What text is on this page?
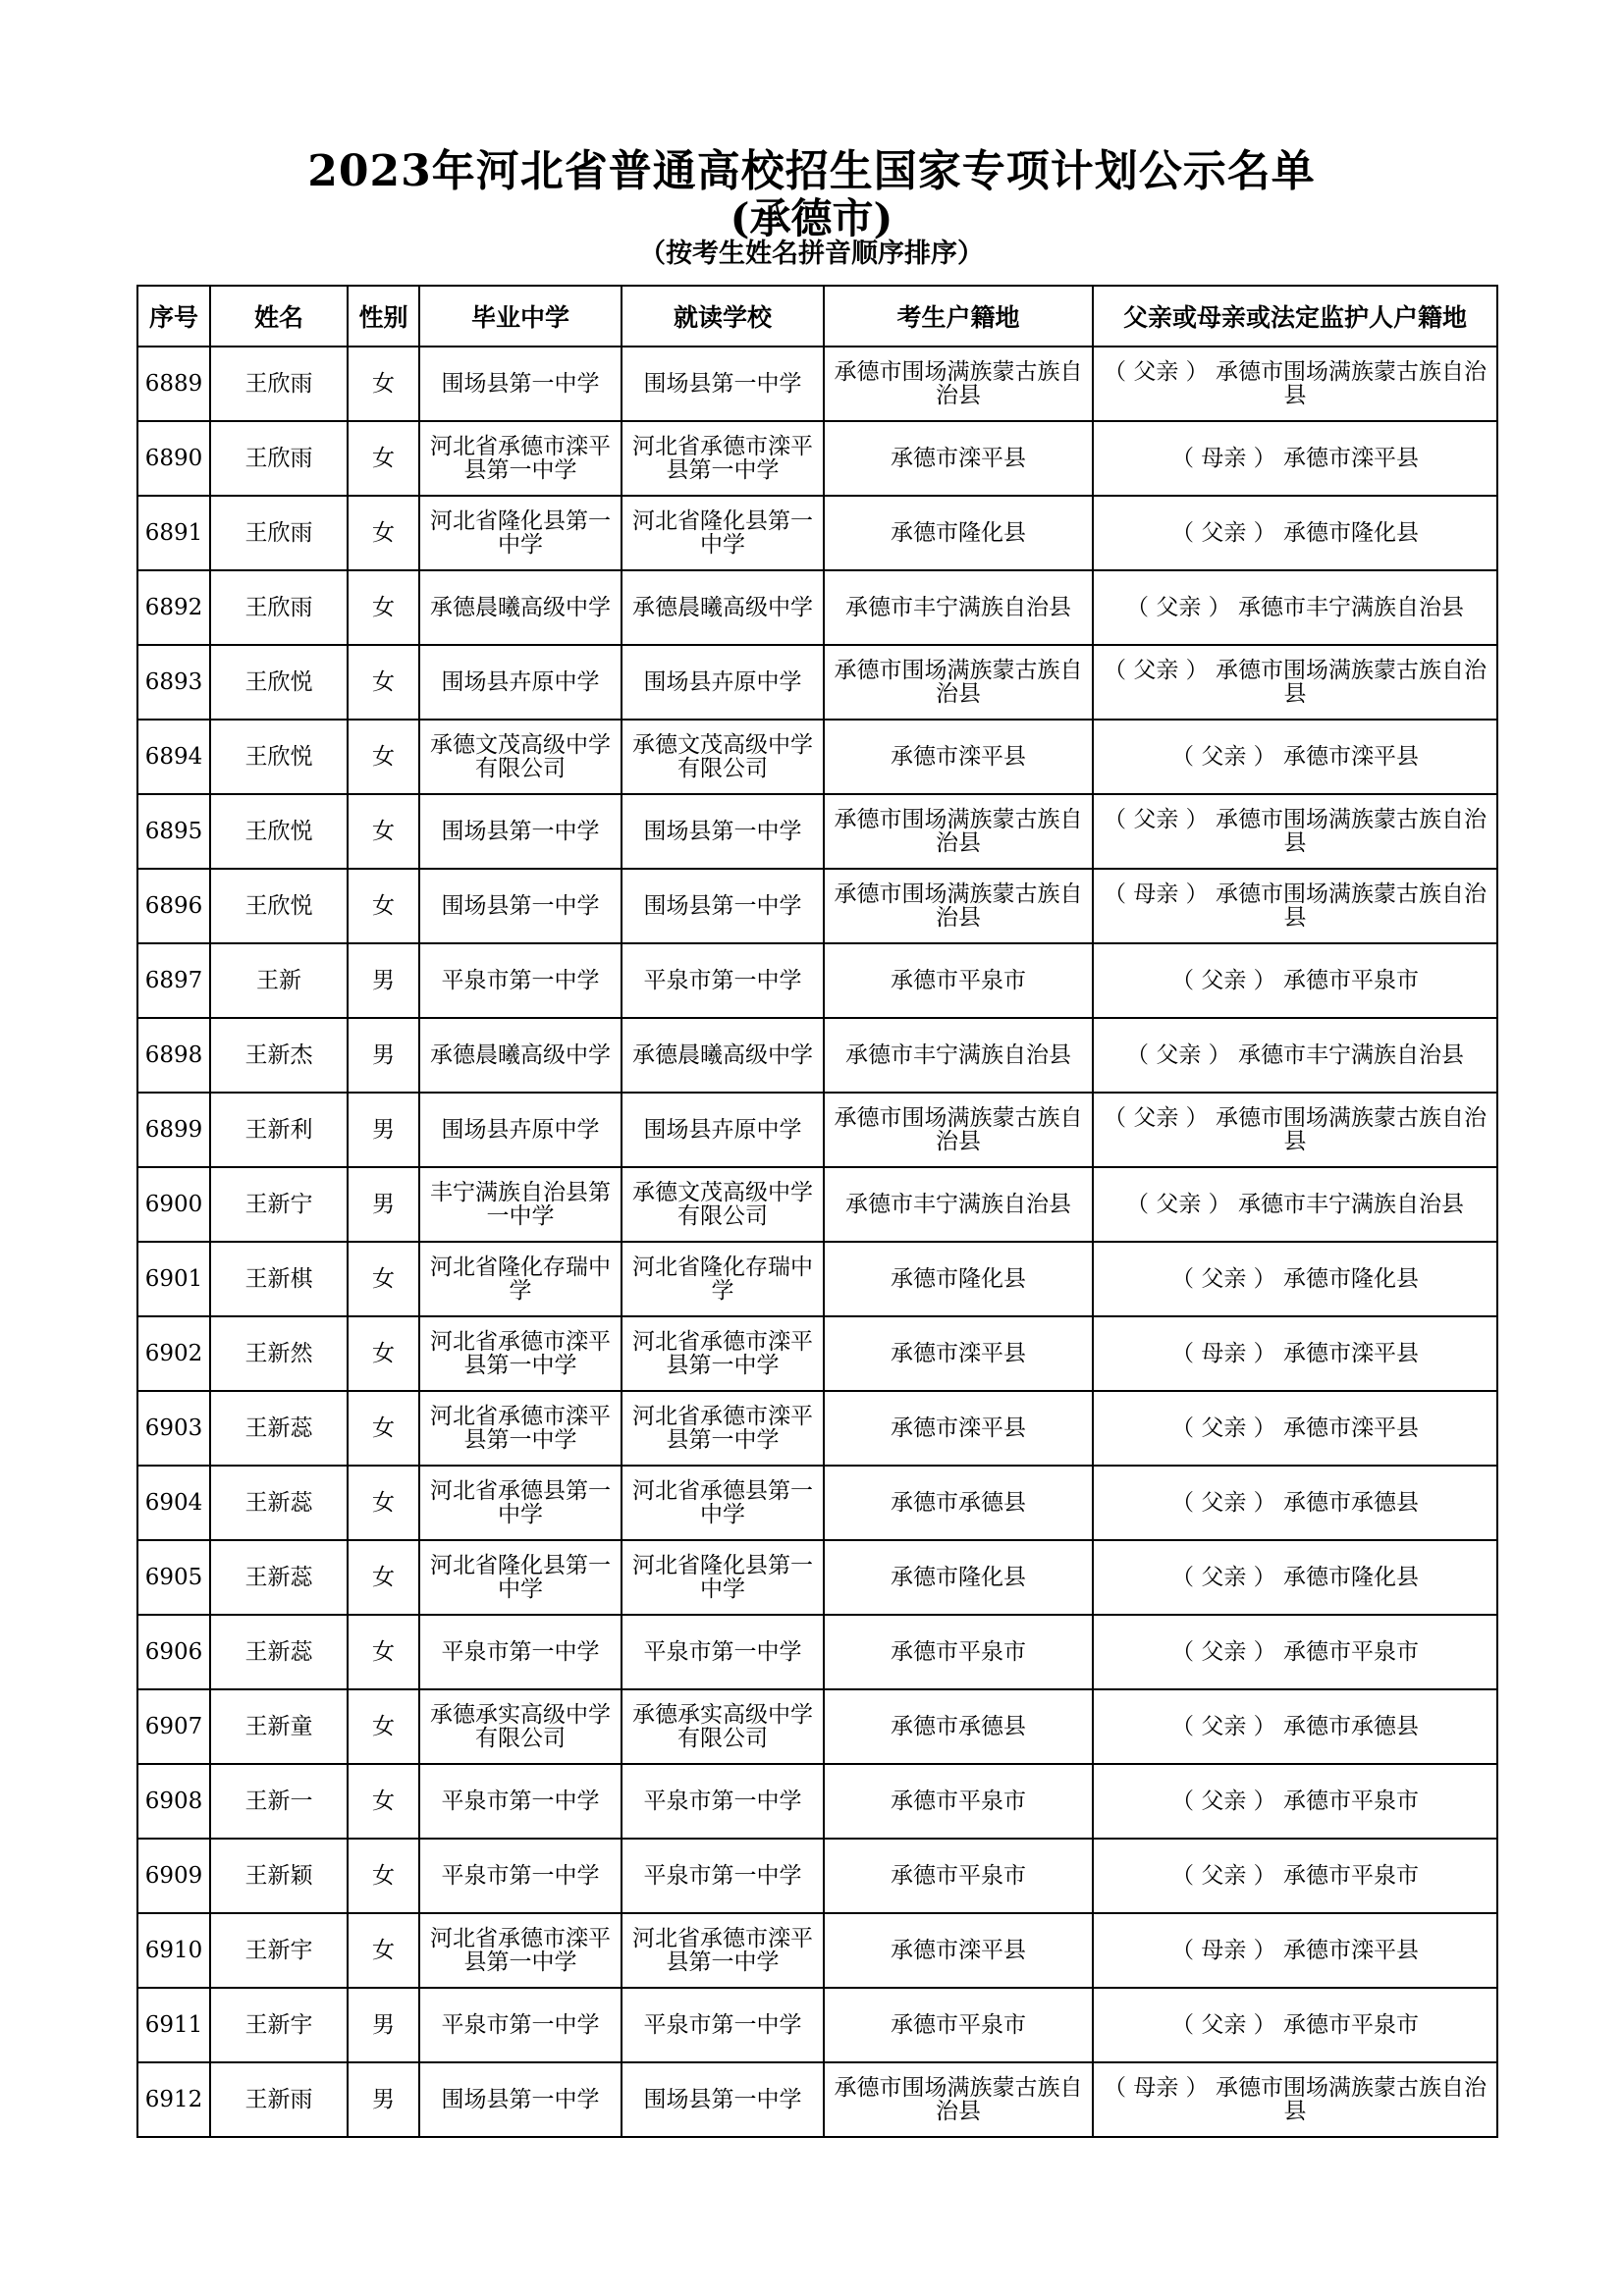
2023年河北省普通高校招生国家专项计划公示名单
(承德市)
（按考生姓名拼音顺序排序）
序号	姓名	性别	毕业中学	就读学校	考生户籍地	父亲或母亲或法定监护人户籍地
6889	王欣雨	女	围场县第一中学	围场县第一中学	承德市围场满族蒙古族自治县	（ 父亲 ） 承德市围场满族蒙古族自治县
6890	王欣雨	女	河北省承德市滦平县第一中学	河北省承德市滦平县第一中学	承德市滦平县	（ 母亲 ） 承德市滦平县
6891	王欣雨	女	河北省隆化县第一中学	河北省隆化县第一中学	承德市隆化县	（ 父亲 ） 承德市隆化县
6892	王欣雨	女	承德晨曦高级中学	承德晨曦高级中学	承德市丰宁满族自治县	（ 父亲 ） 承德市丰宁满族自治县
6893	王欣悦	女	围场县卉原中学	围场县卉原中学	承德市围场满族蒙古族自治县	（ 父亲 ） 承德市围场满族蒙古族自治县
6894	王欣悦	女	承德文茂高级中学有限公司	承德文茂高级中学有限公司	承德市滦平县	（ 父亲 ） 承德市滦平县
6895	王欣悦	女	围场县第一中学	围场县第一中学	承德市围场满族蒙古族自治县	（ 父亲 ） 承德市围场满族蒙古族自治县
6896	王欣悦	女	围场县第一中学	围场县第一中学	承德市围场满族蒙古族自治县	（ 母亲 ） 承德市围场满族蒙古族自治县
6897	王新	男	平泉市第一中学	平泉市第一中学	承德市平泉市	（ 父亲 ） 承德市平泉市
6898	王新杰	男	承德晨曦高级中学	承德晨曦高级中学	承德市丰宁满族自治县	（ 父亲 ） 承德市丰宁满族自治县
6899	王新利	男	围场县卉原中学	围场县卉原中学	承德市围场满族蒙古族自治县	（ 父亲 ） 承德市围场满族蒙古族自治县
6900	王新宁	男	丰宁满族自治县第一中学	承德文茂高级中学有限公司	承德市丰宁满族自治县	（ 父亲 ） 承德市丰宁满族自治县
6901	王新棋	女	河北省隆化存瑞中学	河北省隆化存瑞中学	承德市隆化县	（ 父亲 ） 承德市隆化县
6902	王新然	女	河北省承德市滦平县第一中学	河北省承德市滦平县第一中学	承德市滦平县	（ 母亲 ） 承德市滦平县
6903	王新蕊	女	河北省承德市滦平县第一中学	河北省承德市滦平县第一中学	承德市滦平县	（ 父亲 ） 承德市滦平县
6904	王新蕊	女	河北省承德县第一中学	河北省承德县第一中学	承德市承德县	（ 父亲 ） 承德市承德县
6905	王新蕊	女	河北省隆化县第一中学	河北省隆化县第一中学	承德市隆化县	（ 父亲 ） 承德市隆化县
6906	王新蕊	女	平泉市第一中学	平泉市第一中学	承德市平泉市	（ 父亲 ） 承德市平泉市
6907	王新童	女	承德承实高级中学有限公司	承德承实高级中学有限公司	承德市承德县	（ 父亲 ） 承德市承德县
6908	王新一	女	平泉市第一中学	平泉市第一中学	承德市平泉市	（ 父亲 ） 承德市平泉市
6909	王新颖	女	平泉市第一中学	平泉市第一中学	承德市平泉市	（ 父亲 ） 承德市平泉市
6910	王新宇	女	河北省承德市滦平县第一中学	河北省承德市滦平县第一中学	承德市滦平县	（ 母亲 ） 承德市滦平县
6911	王新宇	男	平泉市第一中学	平泉市第一中学	承德市平泉市	（ 父亲 ） 承德市平泉市
6912	王新雨	男	围场县第一中学	围场县第一中学	承德市围场满族蒙古族自治县	（ 母亲 ） 承德市围场满族蒙古族自治县
